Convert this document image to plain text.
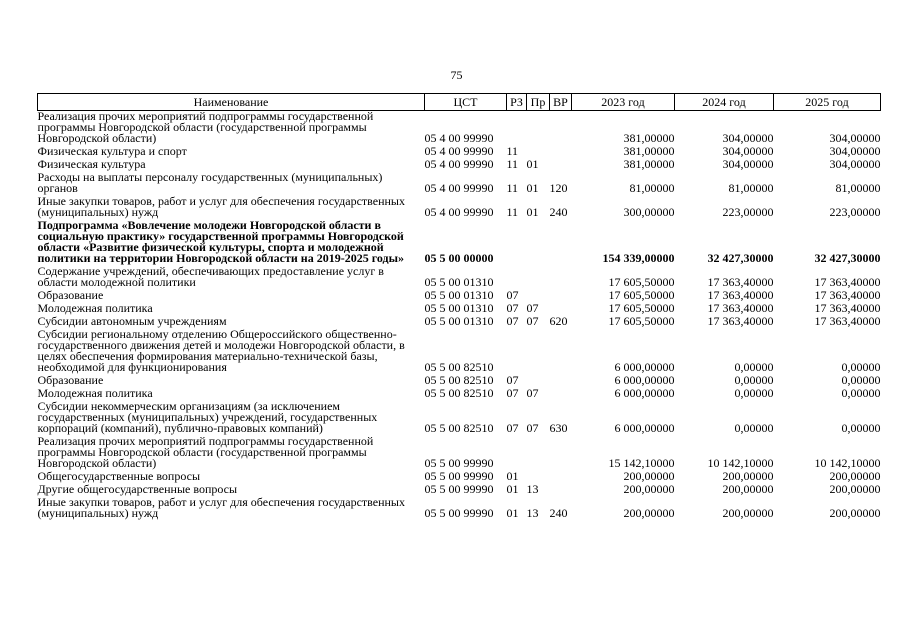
75
Наименование	ЦСТ	РЗ	Пр	ВР	2023 год	2024 год	2025 год
Реализация прочих мероприятий подпрограммы государственной программы Новгородской области (государственной программы Новгородской области)	05 4 00 99990				381,00000	304,00000	304,00000
Физическая культура и спорт	05 4 00 99990	11			381,00000	304,00000	304,00000
Физическая культура	05 4 00 99990	11	01		381,00000	304,00000	304,00000
Расходы на выплаты персоналу государственных (муниципальных) органов	05 4 00 99990	11	01	120	81,00000	81,00000	81,00000
Иные закупки товаров, работ и услуг для обеспечения государственных (муниципальных) нужд	05 4 00 99990	11	01	240	300,00000	223,00000	223,00000
Подпрограмма «Вовлечение молодежи Новгородской области в социальную практику» государственной программы Новгородской области «Развитие физической культуры, спорта и молодежной политики на территории Новгородской области на 2019-2025 годы»	05 5 00 00000				154 339,00000	32 427,30000	32 427,30000
Содержание учреждений, обеспечивающих предоставление услуг в области молодежной политики	05 5 00 01310				17 605,50000	17 363,40000	17 363,40000
Образование	05 5 00 01310	07			17 605,50000	17 363,40000	17 363,40000
Молодежная политика	05 5 00 01310	07	07		17 605,50000	17 363,40000	17 363,40000
Субсидии автономным учреждениям	05 5 00 01310	07	07	620	17 605,50000	17 363,40000	17 363,40000
Субсидии региональному отделению Общероссийского общественно-государственного движения детей и молодежи Новгородской области, в целях обеспечения формирования материально-технической базы, необходимой для функционирования	05 5 00 82510				6 000,00000	0,00000	0,00000
Образование	05 5 00 82510	07			6 000,00000	0,00000	0,00000
Молодежная политика	05 5 00 82510	07	07		6 000,00000	0,00000	0,00000
Субсидии некоммерческим организациям (за исключением государственных (муниципальных) учреждений, государственных корпораций (компаний), публично-правовых компаний)	05 5 00 82510	07	07	630	6 000,00000	0,00000	0,00000
Реализация прочих мероприятий подпрограммы государственной программы Новгородской области (государственной программы Новгородской области)	05 5 00 99990				15 142,10000	10 142,10000	10 142,10000
Общегосударственные вопросы	05 5 00 99990	01			200,00000	200,00000	200,00000
Другие общегосударственные вопросы	05 5 00 99990	01	13		200,00000	200,00000	200,00000
Иные закупки товаров, работ и услуг для обеспечения государственных (муниципальных) нужд	05 5 00 99990	01	13	240	200,00000	200,00000	200,00000
